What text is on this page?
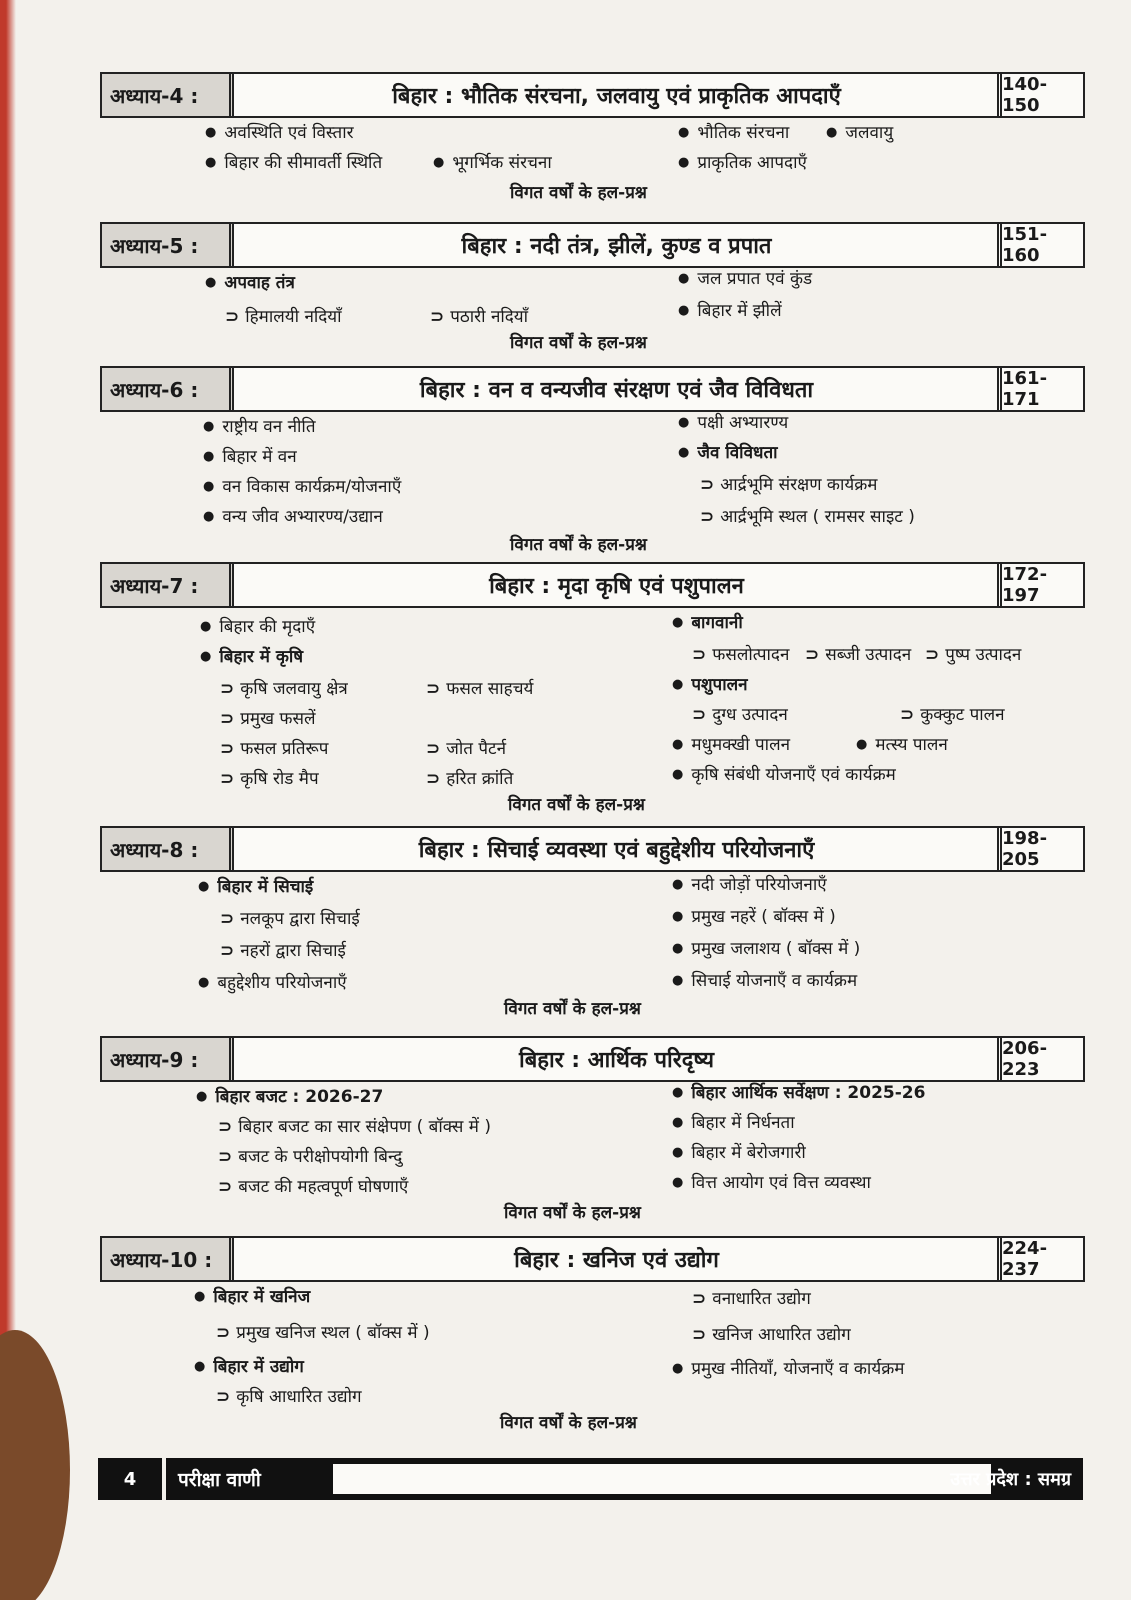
अध्याय-4 :	बिहार : भौतिक संरचना, जलवायु एवं प्राकृतिक आपदाएँ	140-150
● अवस्थिति एवं विस्तार	● भौतिक संरचना	● जलवायु
● बिहार की सीमावर्ती स्थिति	● भूगर्भिक संरचना	● प्राकृतिक आपदाएँ
विगत वर्षों के हल-प्रश्न
अध्याय-5 :	बिहार : नदी तंत्र, झीलें, कुण्ड व प्रपात	151-160
● अपवाह तंत्र	● जल प्रपात एवं कुंड
⊃ हिमालयी नदियाँ	⊃ पठारी नदियाँ	● बिहार में झीलें
विगत वर्षों के हल-प्रश्न
अध्याय-6 :	बिहार : वन व वन्यजीव संरक्षण एवं जैव विविधता	161-171
● राष्ट्रीय वन नीति	● पक्षी अभ्यारण्य
● बिहार में वन	● जैव विविधता
● वन विकास कार्यक्रम/योजनाएँ	⊃ आर्द्रभूमि संरक्षण कार्यक्रम
● वन्य जीव अभ्यारण्य/उद्यान	⊃ आर्द्रभूमि स्थल ( रामसर साइट )
विगत वर्षों के हल-प्रश्न
अध्याय-7 :	बिहार : मृदा कृषि एवं पशुपालन	172-197
● बिहार की मृदाएँ	● बागवानी
● बिहार में कृषि	⊃ फसलोत्पादन	⊃ सब्जी उत्पादन	⊃ पुष्प उत्पादन
⊃ कृषि जलवायु क्षेत्र	⊃ फसल साहचर्य	● पशुपालन
⊃ प्रमुख फसलें	⊃ दुग्ध उत्पादन	⊃ कुक्कुट पालन
⊃ फसल प्रतिरूप	⊃ जोत पैटर्न	● मधुमक्खी पालन	● मत्स्य पालन
⊃ कृषि रोड मैप	⊃ हरित क्रांति	● कृषि संबंधी योजनाएँ एवं कार्यक्रम
विगत वर्षों के हल-प्रश्न
अध्याय-8 :	बिहार : सिचाई व्यवस्था एवं बहुद्देशीय परियोजनाएँ	198-205
● बिहार में सिचाई	● नदी जोड़ों परियोजनाएँ
⊃ नलकूप द्वारा सिचाई	● प्रमुख नहरें ( बॉक्स में )
⊃ नहरों द्वारा सिचाई	● प्रमुख जलाशय ( बॉक्स में )
● बहुद्देशीय परियोजनाएँ	● सिचाई योजनाएँ व कार्यक्रम
विगत वर्षों के हल-प्रश्न
अध्याय-9 :	बिहार : आर्थिक परिदृष्य	206-223
● बिहार बजट : 2026-27	● बिहार आर्थिक सर्वेक्षण : 2025-26
⊃ बिहार बजट का सार संक्षेपण ( बॉक्स में )	● बिहार में निर्धनता
⊃ बजट के परीक्षोपयोगी बिन्दु	● बिहार में बेरोजगारी
⊃ बजट की महत्वपूर्ण घोषणाएँ	● वित्त आयोग एवं वित्त व्यवस्था
विगत वर्षों के हल-प्रश्न
अध्याय-10 :	बिहार : खनिज एवं उद्योग	224-237
● बिहार में खनिज	⊃ वनाधारित उद्योग
⊃ प्रमुख खनिज स्थल ( बॉक्स में )	⊃ खनिज आधारित उद्योग
● बिहार में उद्योग	● प्रमुख नीतियाँ, योजनाएँ व कार्यक्रम
⊃ कृषि आधारित उद्योग
विगत वर्षों के हल-प्रश्न
4	परीक्षा वाणी	उत्तर प्रदेश : समग्र
